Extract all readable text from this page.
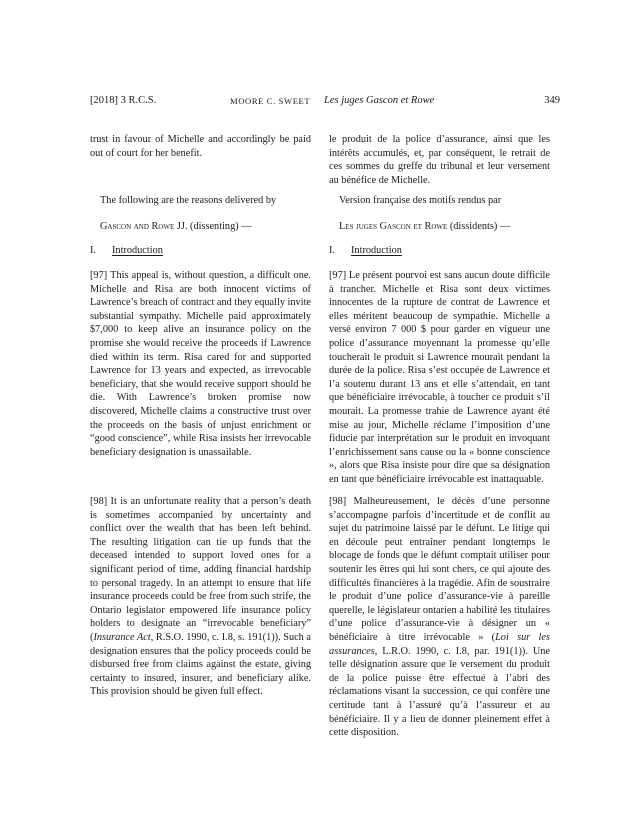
[2018] 3 R.C.S.	MOORE C. SWEET Les juges Gascon et Rowe	349

trust in favour of Michelle and accordingly be paid out of court for her benefit.

The following are the reasons delivered by

Gascon and Rowe JJ. (dissenting) —

I.	Introduction

[97] This appeal is, without question, a difficult one. Michelle and Risa are both innocent victims of Lawrence’s breach of contract and they equally invite substantial sympathy. Michelle paid approximately $7,000 to keep alive an insurance policy on the promise she would receive the proceeds if Lawrence died within its term. Risa cared for and supported Lawrence for 13 years and expected, as irrevocable beneficiary, that she would receive support should he die. With Lawrence’s broken promise now discovered, Michelle claims a constructive trust over the proceeds on the basis of unjust enrichment or “good conscience”, while Risa insists her irrevocable beneficiary designation is unassailable.

[98] It is an unfortunate reality that a person’s death is sometimes accompanied by uncertainty and conflict over the wealth that has been left behind. The resulting litigation can tie up funds that the deceased intended to support loved ones for a significant period of time, adding financial hardship to personal tragedy. In an attempt to ensure that life insurance proceeds could be free from such strife, the Ontario legislator empowered life insurance policy holders to designate an “irrevocable beneficiary” (Insurance Act, R.S.O. 1990, c. I.8, s. 191(1)). Such a designation ensures that the policy proceeds could be disbursed free from claims against the estate, giving certainty to insured, insurer, and beneficiary alike. This provision should be given full effect.

le produit de la police d’assurance, ainsi que les intérêts accumulés, et, par conséquent, le retrait de ces sommes du greffe du tribunal et leur versement au bénéfice de Michelle.

Version française des motifs rendus par

Les juges Gascon et Rowe (dissidents) —

I.	Introduction

[97] Le présent pourvoi est sans aucun doute difficile à trancher. Michelle et Risa sont deux victimes innocentes de la rupture de contrat de Lawrence et elles méritent beaucoup de sympathie. Michelle a versé environ 7 000 $ pour garder en vigueur une police d’assurance moyennant la promesse qu’elle toucherait le produit si Lawrence mourait pendant la durée de la police. Risa s’est occupée de Lawrence et l’a soutenu durant 13 ans et elle s’attendait, en tant que bénéficiaire irrévocable, à toucher ce produit s’il mourait. La promesse trahie de Lawrence ayant été mise au jour, Michelle réclame l’imposition d’une fiducie par interprétation sur le produit en invoquant l’enrichissement sans cause ou la « bonne conscience », alors que Risa insiste pour dire que sa désignation en tant que bénéficiaire irrévocable est inattaquable.

[98] Malheureusement, le décès d’une personne s’accompagne parfois d’incertitude et de conflit au sujet du patrimoine laissé par le défunt. Le litige qui en découle peut entraîner pendant longtemps le blocage de fonds que le défunt comptait utiliser pour soutenir les êtres qui lui sont chers, ce qui ajoute des difficultés financières à la tragédie. Afin de soustraire le produit d’une police d’assurance-vie à pareille querelle, le législateur ontarien a habilité les titulaires d’une police d’assurance-vie à désigner un « bénéficiaire à titre irrévocable » (Loi sur les assurances, L.R.O. 1990, c. I.8, par. 191(1)). Une telle désignation assure que le versement du produit de la police puisse être effectué à l’abri des réclamations visant la succession, ce qui confère une certitude tant à l’assuré qu’à l’assureur et au bénéficiaire. Il y a lieu de donner pleinement effet à cette disposition.
